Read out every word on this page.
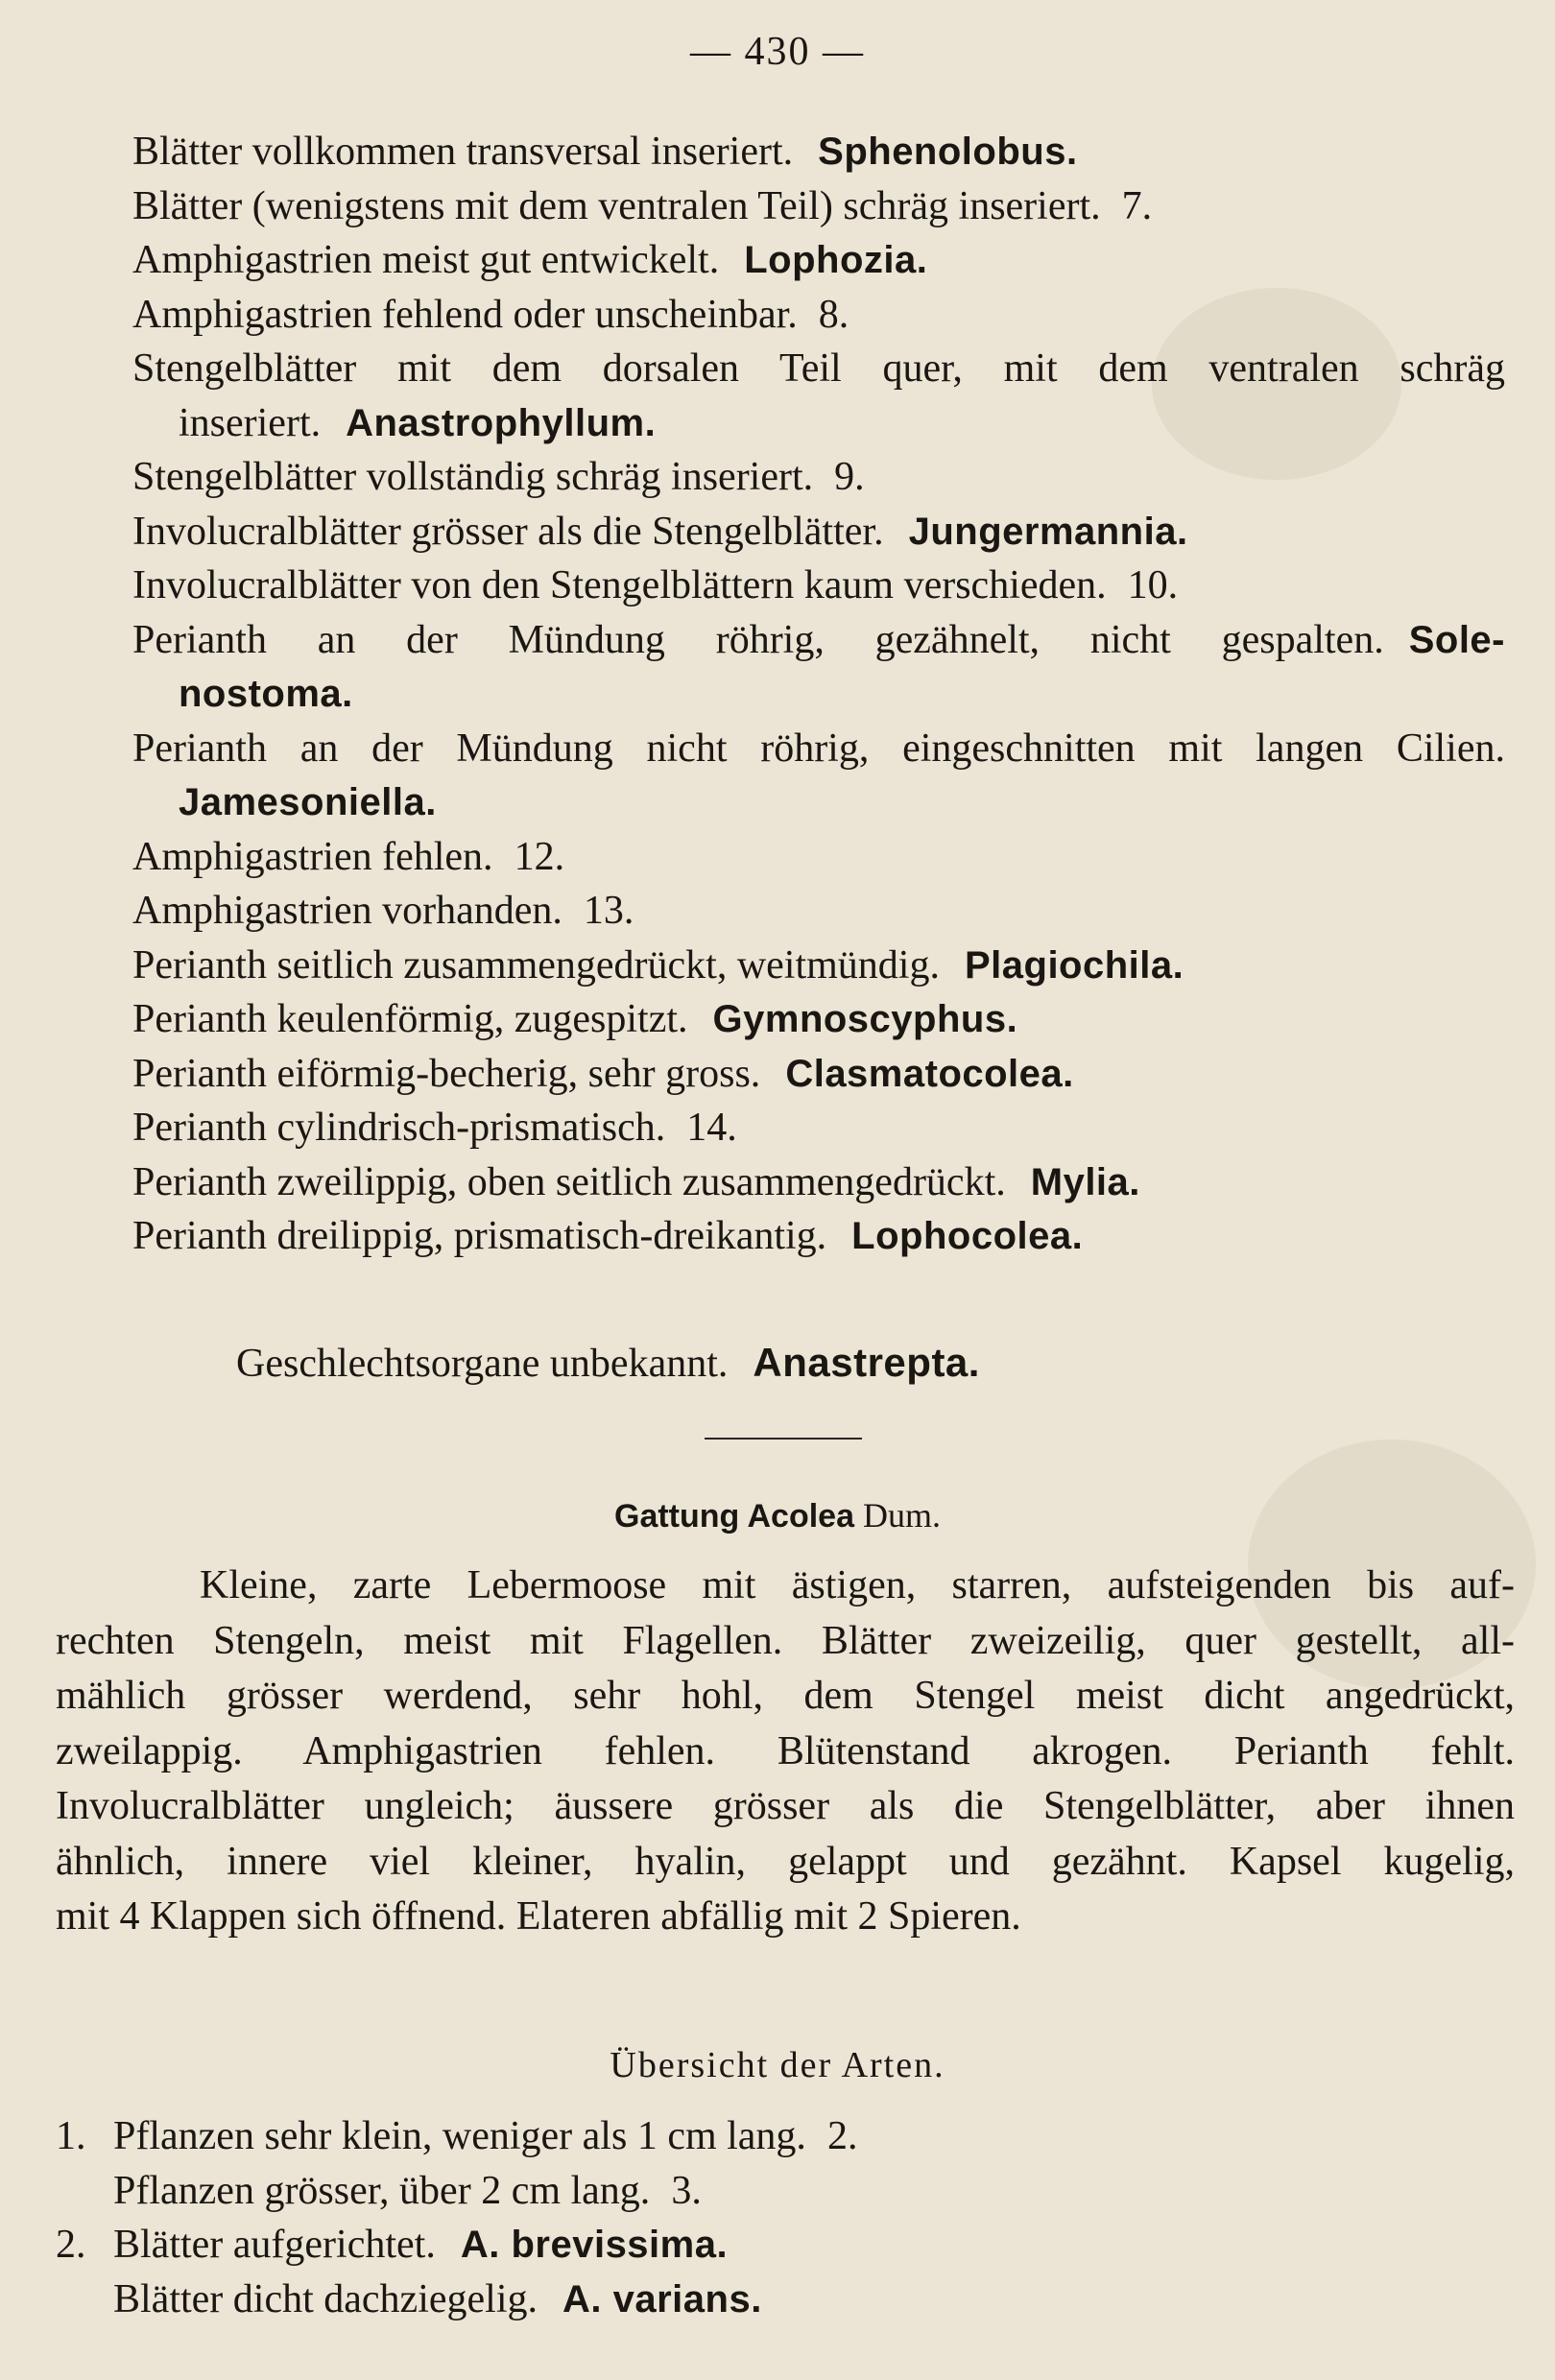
— 430 —
Blätter vollkommen transversal inseriert. Sphenolobus.
Blätter (wenigstens mit dem ventralen Teil) schräg inseriert. 7.
Amphigastrien meist gut entwickelt. Lophozia.
Amphigastrien fehlend oder unscheinbar. 8.
Stengelblätter mit dem dorsalen Teil quer, mit dem ventralen schräg
inseriert. Anastrophyllum.
Stengelblätter vollständig schräg inseriert. 9.
Involucralblätter grösser als die Stengelblätter. Jungermannia.
Involucralblätter von den Stengelblättern kaum verschieden. 10.
Perianth an der Mündung röhrig, gezähnelt, nicht gespalten. Sole-
nostoma.
Perianth an der Mündung nicht röhrig, eingeschnitten mit langen Cilien.
Jamesoniella.
Amphigastrien fehlen. 12.
Amphigastrien vorhanden. 13.
Perianth seitlich zusammengedrückt, weitmündig. Plagiochila.
Perianth keulenförmig, zugespitzt. Gymnoscyphus.
Perianth eiförmig-becherig, sehr gross. Clasmatocolea.
Perianth cylindrisch-prismatisch. 14.
Perianth zweilippig, oben seitlich zusammengedrückt. Mylia.
Perianth dreilippig, prismatisch-dreikantig. Lophocolea.
Geschlechtsorgane unbekannt. Anastrepta.
Gattung Acolea Dum.
Kleine, zarte Lebermoose mit ästigen, starren, aufsteigenden bis auf-
rechten Stengeln, meist mit Flagellen. Blätter zweizeilig, quer gestellt, all-
mählich grösser werdend, sehr hohl, dem Stengel meist dicht angedrückt,
zweilappig. Amphigastrien fehlen. Blütenstand akrogen. Perianth fehlt.
Involucralblätter ungleich; äussere grösser als die Stengelblätter, aber ihnen
ähnlich, innere viel kleiner, hyalin, gelappt und gezähnt. Kapsel kugelig,
mit 4 Klappen sich öffnend. Elateren abfällig mit 2 Spieren.
Übersicht der Arten.
1. Pflanzen sehr klein, weniger als 1 cm lang. 2.
Pflanzen grösser, über 2 cm lang. 3.
2. Blätter aufgerichtet. A. brevissima.
Blätter dicht dachziegelig. A. varians.
